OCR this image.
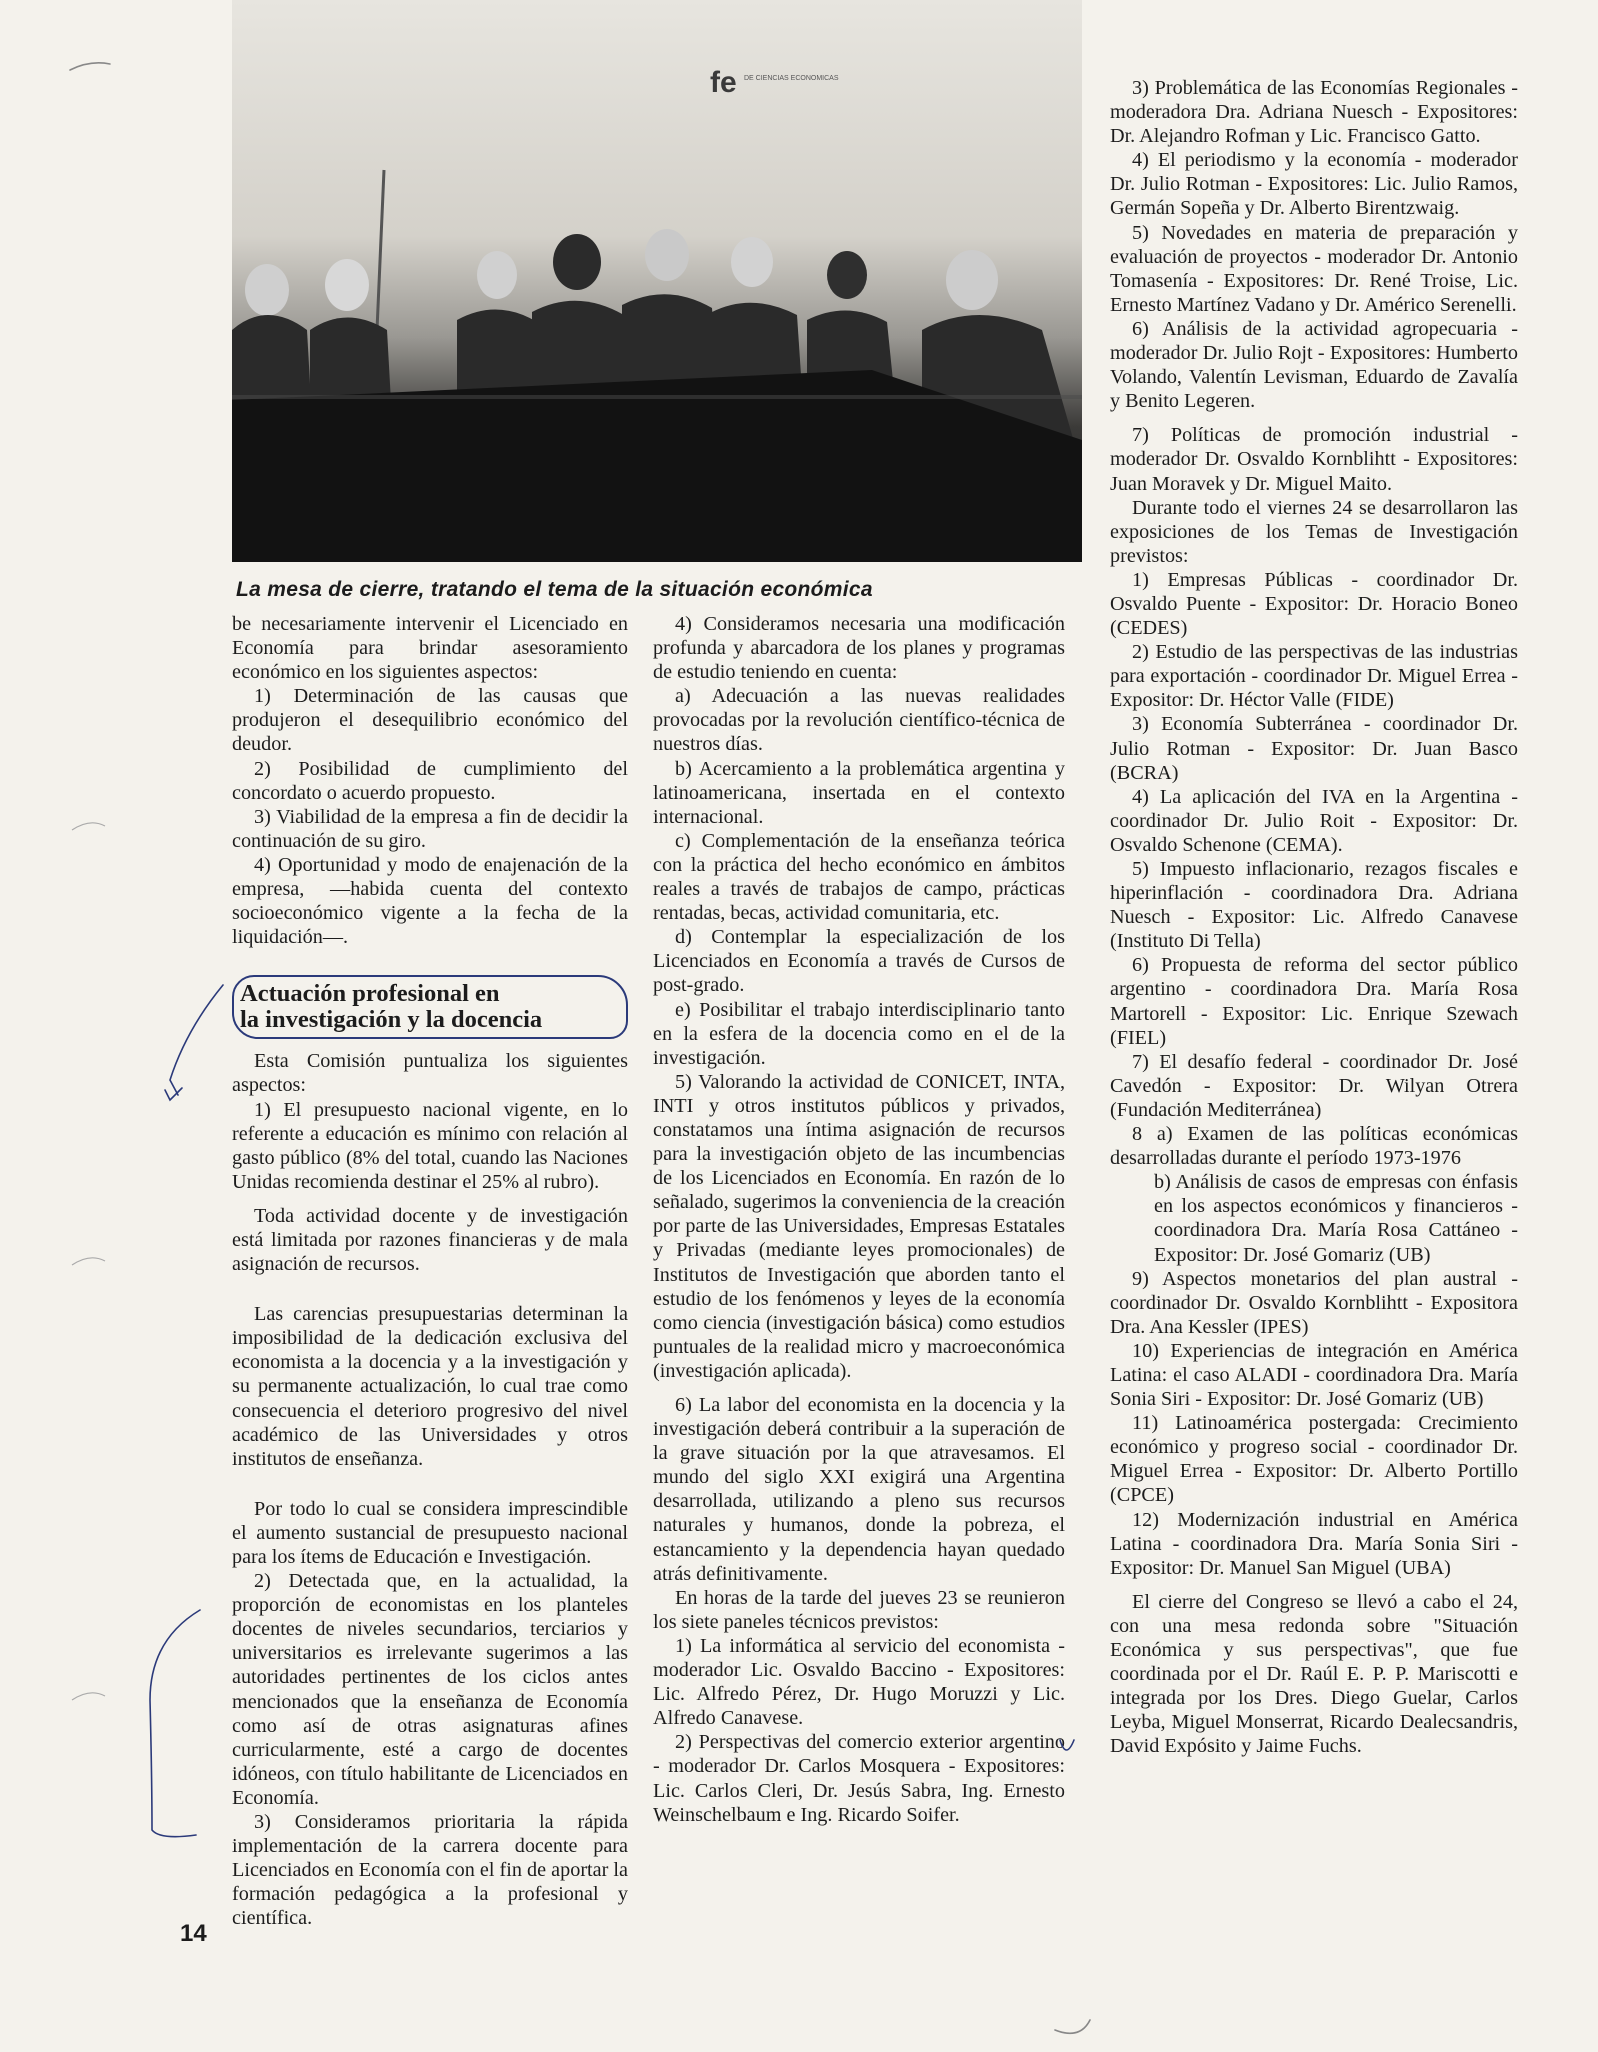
fe DE CIENCIAS ECONOMICAS
La mesa de cierre, tratando el tema de la situación económica

be necesariamente intervenir el Licenciado en Economía para brindar asesoramiento económico en los siguientes aspectos:

1) Determinación de las causas que produjeron el desequilibrio económico del deudor.

2) Posibilidad de cumplimiento del concordato o acuerdo propuesto.

3) Viabilidad de la empresa a fin de decidir la continuación de su giro.

4) Oportunidad y modo de enajenación de la empresa, —habida cuenta del contexto socioeconómico vigente a la fecha de la liquidación—.

Actuación profesional en
la investigación y la docencia

Esta Comisión puntualiza los siguientes aspectos:

1) El presupuesto nacional vigente, en lo referente a educación es mínimo con relación al gasto público (8% del total, cuando las Naciones Unidas recomienda destinar el 25% al rubro).

Toda actividad docente y de investigación está limitada por razones financieras y de mala asignación de recursos.

Las carencias presupuestarias determinan la imposibilidad de la dedicación exclusiva del economista a la docencia y a la investigación y su permanente actualización, lo cual trae como consecuencia el deterioro progresivo del nivel académico de las Universidades y otros institutos de enseñanza.

Por todo lo cual se considera imprescindible el aumento sustancial de presupuesto nacional para los ítems de Educación e Investigación.

2) Detectada que, en la actualidad, la proporción de economistas en los planteles docentes de niveles secundarios, terciarios y universitarios es irrelevante sugerimos a las autoridades pertinentes de los ciclos antes mencionados que la enseñanza de Economía como así de otras asignaturas afines curricularmente, esté a cargo de docentes idóneos, con título habilitante de Licenciados en Economía.

3) Consideramos prioritaria la rápida implementación de la carrera docente para Licenciados en Economía con el fin de aportar la formación pedagógica a la profesional y científica.

4) Consideramos necesaria una modificación profunda y abarcadora de los planes y programas de estudio teniendo en cuenta:

a) Adecuación a las nuevas realidades provocadas por la revolución científico-técnica de nuestros días.

b) Acercamiento a la problemática argentina y latinoamericana, insertada en el contexto internacional.

c) Complementación de la enseñanza teórica con la práctica del hecho económico en ámbitos reales a través de trabajos de campo, prácticas rentadas, becas, actividad comunitaria, etc.

d) Contemplar la especialización de los Licenciados en Economía a través de Cursos de post-grado.

e) Posibilitar el trabajo interdisciplinario tanto en la esfera de la docencia como en el de la investigación.

5) Valorando la actividad de CONICET, INTA, INTI y otros institutos públicos y privados, constatamos una íntima asignación de recursos para la investigación objeto de las incumbencias de los Licenciados en Economía. En razón de lo señalado, sugerimos la conveniencia de la creación por parte de las Universidades, Empresas Estatales y Privadas (mediante leyes promocionales) de Institutos de Investigación que aborden tanto el estudio de los fenómenos y leyes de la economía como ciencia (investigación básica) como estudios puntuales de la realidad micro y macroeconómica (investigación aplicada).

6) La labor del economista en la docencia y la investigación deberá contribuir a la superación de la grave situación por la que atravesamos. El mundo del siglo XXI exigirá una Argentina desarrollada, utilizando a pleno sus recursos naturales y humanos, donde la pobreza, el estancamiento y la dependencia hayan quedado atrás definitivamente.

En horas de la tarde del jueves 23 se reunieron los siete paneles técnicos previstos:

1) La informática al servicio del economista - moderador Lic. Osvaldo Baccino - Expositores: Lic. Alfredo Pérez, Dr. Hugo Moruzzi y Lic. Alfredo Canavese.

2) Perspectivas del comercio exterior argentino - moderador Dr. Carlos Mosquera - Expositores: Lic. Carlos Cleri, Dr. Jesús Sabra, Ing. Ernesto Weinschelbaum e Ing. Ricardo Soifer.

3) Problemática de las Economías Regionales - moderadora Dra. Adriana Nuesch - Expositores: Dr. Alejandro Rofman y Lic. Francisco Gatto.

4) El periodismo y la economía - moderador Dr. Julio Rotman - Expositores: Lic. Julio Ramos, Germán Sopeña y Dr. Alberto Birentzwaig.

5) Novedades en materia de preparación y evaluación de proyectos - moderador Dr. Antonio Tomasenía - Expositores: Dr. René Troise, Lic. Ernesto Martínez Vadano y Dr. Américo Serenelli.

6) Análisis de la actividad agropecuaria - moderador Dr. Julio Rojt - Expositores: Humberto Volando, Valentín Levisman, Eduardo de Zavalía y Benito Legeren.

7) Políticas de promoción industrial - moderador Dr. Osvaldo Kornblihtt - Expositores: Juan Moravek y Dr. Miguel Maito.

Durante todo el viernes 24 se desarrollaron las exposiciones de los Temas de Investigación previstos:

1) Empresas Públicas - coordinador Dr. Osvaldo Puente - Expositor: Dr. Horacio Boneo (CEDES)

2) Estudio de las perspectivas de las industrias para exportación - coordinador Dr. Miguel Errea - Expositor: Dr. Héctor Valle (FIDE)

3) Economía Subterránea - coordinador Dr. Julio Rotman - Expositor: Dr. Juan Basco (BCRA)

4) La aplicación del IVA en la Argentina - coordinador Dr. Julio Roit - Expositor: Dr. Osvaldo Schenone (CEMA).

5) Impuesto inflacionario, rezagos fiscales e hiperinflación - coordinadora Dra. Adriana Nuesch - Expositor: Lic. Alfredo Canavese (Instituto Di Tella)

6) Propuesta de reforma del sector público argentino - coordinadora Dra. María Rosa Martorell - Expositor: Lic. Enrique Szewach (FIEL)

7) El desafío federal - coordinador Dr. José Cavedón - Expositor: Dr. Wilyan Otrera (Fundación Mediterránea)

8 a) Examen de las políticas económicas desarrolladas durante el período 1973-1976

b) Análisis de casos de empresas con énfasis en los aspectos económicos y financieros - coordinadora Dra. María Rosa Cattáneo - Expositor: Dr. José Gomariz (UB)

9) Aspectos monetarios del plan austral - coordinador Dr. Osvaldo Kornblihtt - Expositora Dra. Ana Kessler (IPES)

10) Experiencias de integración en América Latina: el caso ALADI - coordinadora Dra. María Sonia Siri - Expositor: Dr. José Gomariz (UB)

11) Latinoamérica postergada: Crecimiento económico y progreso social - coordinador Dr. Miguel Errea - Expositor: Dr. Alberto Portillo (CPCE)

12) Modernización industrial en América Latina - coordinadora Dra. María Sonia Siri - Expositor: Dr. Manuel San Miguel (UBA)

El cierre del Congreso se llevó a cabo el 24, con una mesa redonda sobre "Situación Económica y sus perspectivas", que fue coordinada por el Dr. Raúl E. P. P. Mariscotti e integrada por los Dres. Diego Guelar, Carlos Leyba, Miguel Monserrat, Ricardo Dealecsandris, David Expósito y Jaime Fuchs.

14
